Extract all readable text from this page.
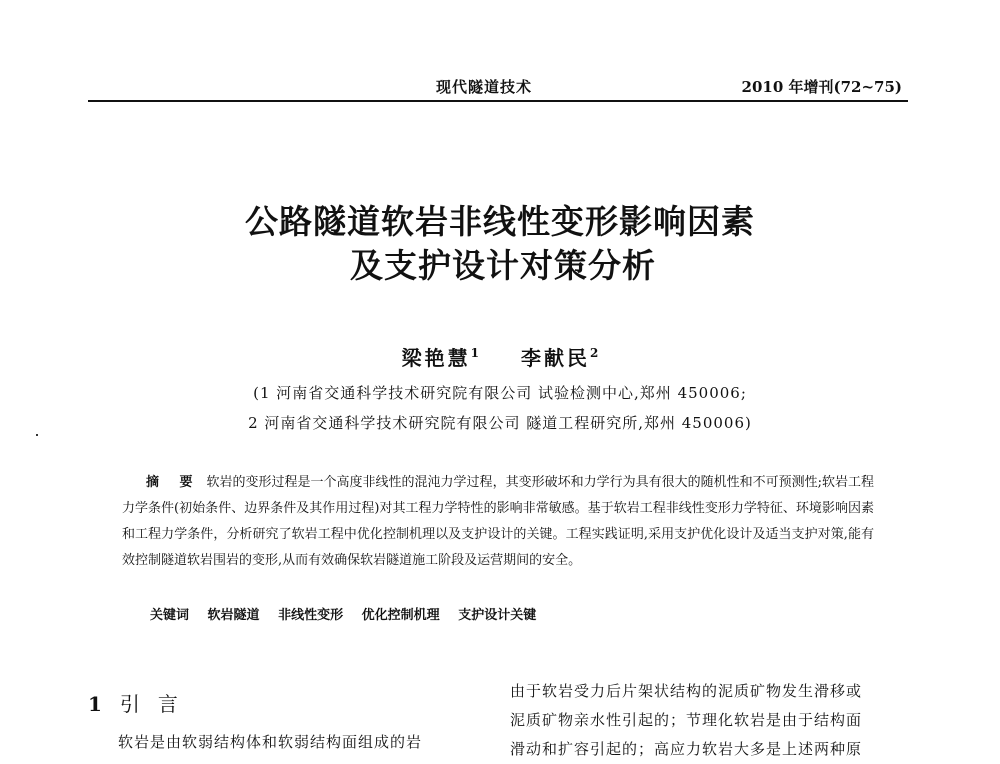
现代隧道技术	2010 年增刊(72~75)
公路隧道软岩非线性变形影响因素
及支护设计对策分析
梁艳慧$^1$ 李献民$^2$
(1 河南省交通科学技术研究院有限公司 试验检测中心,郑州 450006;
2 河南省交通科学技术研究院有限公司 隧道工程研究所,郑州 450006)
摘 要 软岩的变形过程是一个高度非线性的混沌力学过程，其变形破坏和力学行为具有很大的随机性和不可预测性;软岩工程力学条件(初始条件、边界条件及其作用过程)对其工程力学特性的影响非常敏感。基于软岩工程非线性变形力学特征、环境影响因素和工程力学条件，分析研究了软岩工程中优化控制机理以及支护设计的关键。工程实践证明,采用支护优化设计及适当支护对策,能有效控制隧道软岩围岩的变形,从而有效确保软岩隧道施工阶段及运营期间的安全。
关键词 软岩隧道 非线性变形 优化控制机理 支护设计关键
1 引言
软岩是由软弱结构体和软弱结构面组成的岩
由于软岩受力后片架状结构的泥质矿物发生滑移或
泥质矿物亲水性引起的；节理化软岩是由于结构面
滑动和扩容引起的；高应力软岩大多是上述两种原
